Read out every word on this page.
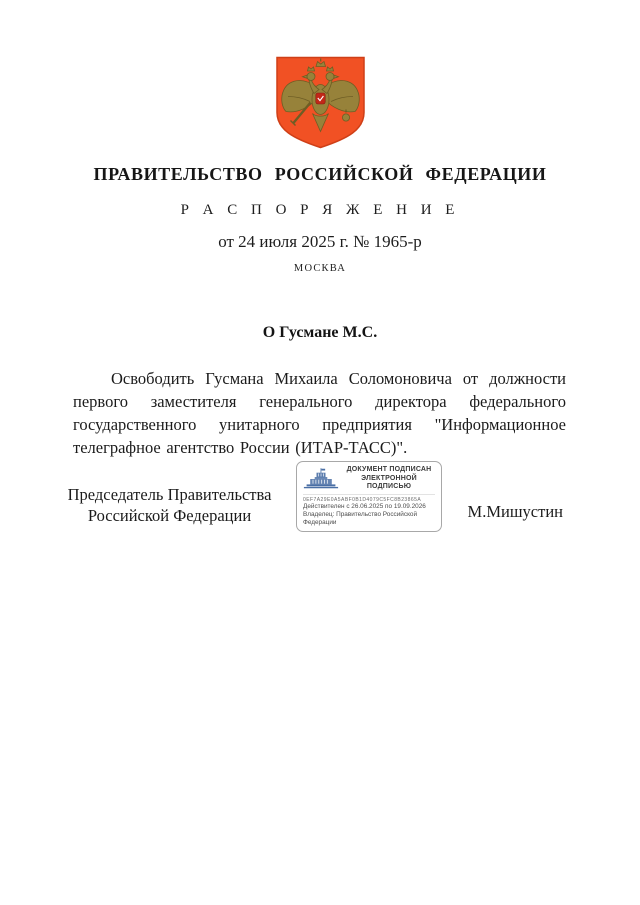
ПРАВИТЕЛЬСТВО РОССИЙСКОЙ ФЕДЕРАЦИИ
Р А С П О Р Я Ж Е Н И Е
от 24 июля 2025 г. № 1965-р
МОСКВА
О Гусмане М.С.

Освободить Гусмана Михаила Соломоновича от должности первого заместителя генерального директора федерального государственного унитарного предприятия "Информационное телеграфное агентство России (ИТАР-ТАСС)".

Председатель Правительства
Российской Федерации
ДОКУМЕНТ ПОДПИСАН
ЭЛЕКТРОННОЙ ПОДПИСЬЮ
0EF7A29E0A5ABF0B1D4079C5FC8B23865A
Действителен с 26.06.2025 по 19.09.2026
Владелец: Правительство Российской
Федерации
М.Мишустин
